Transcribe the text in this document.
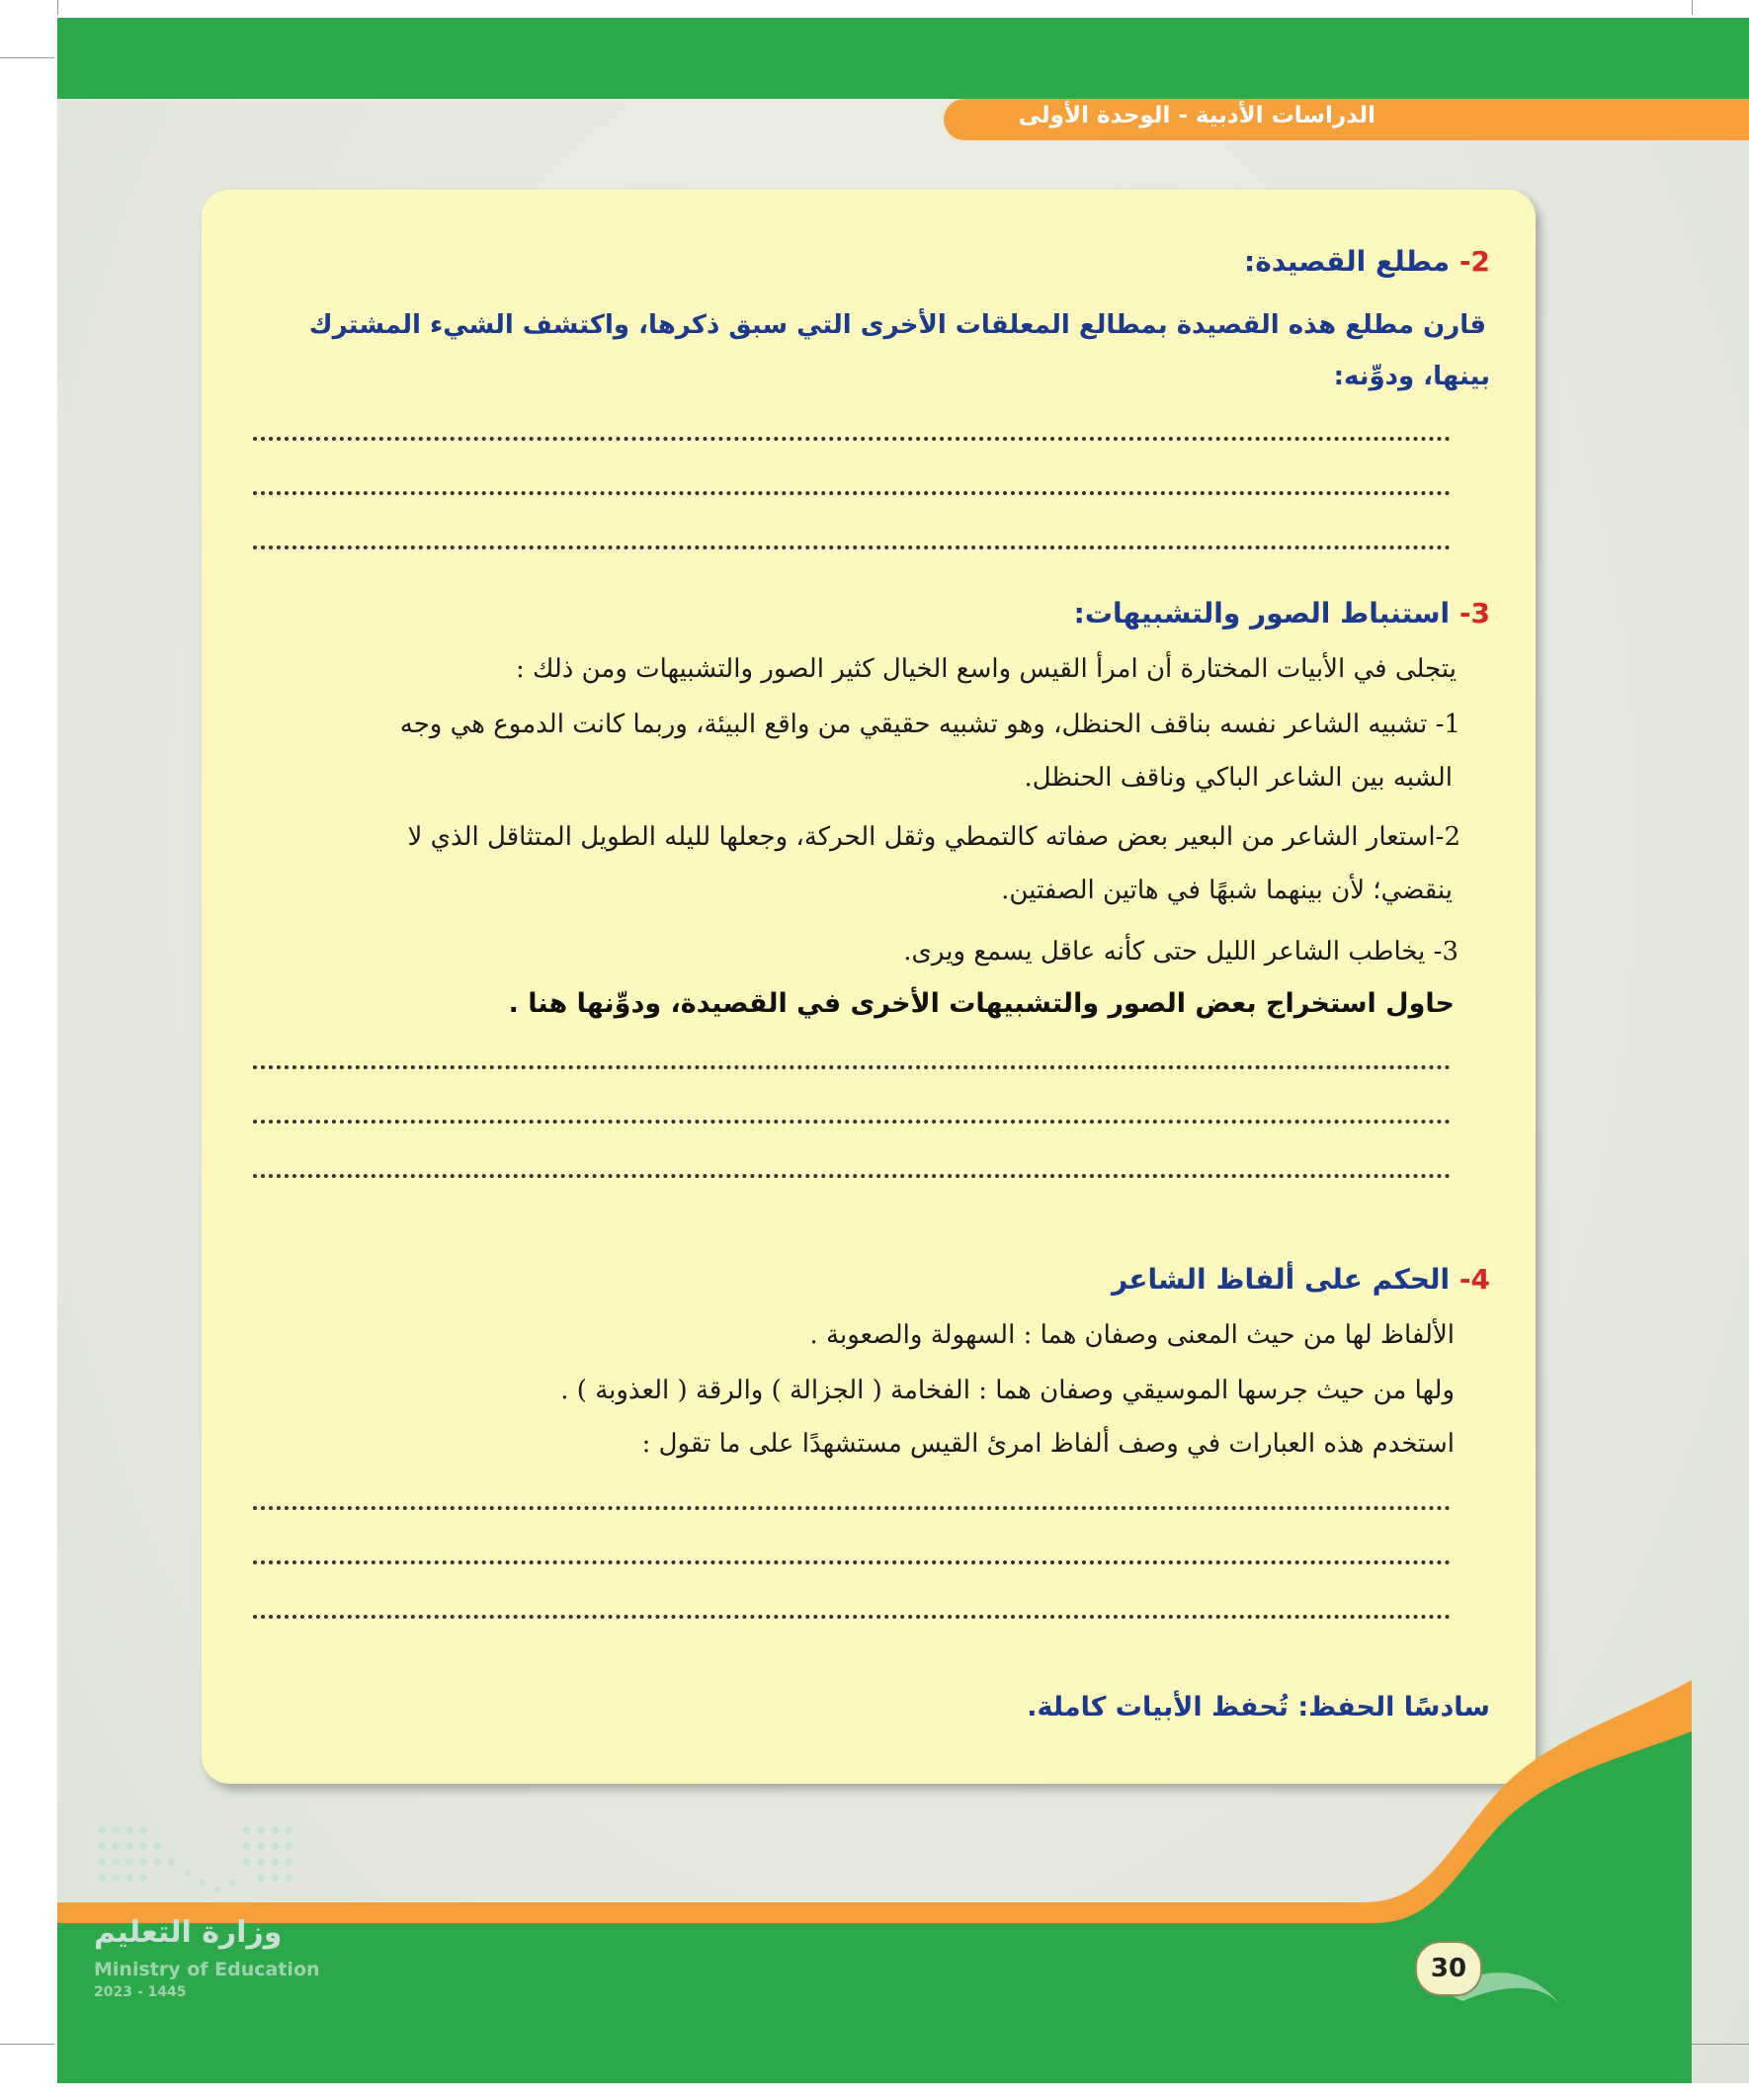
الدراسات الأدبية - الوحدة الأولى
2- مطلع القصيدة:
قارن مطلع هذه القصيدة بمطالع المعلقات الأخرى التي سبق ذكرها، واكتشف الشيء المشترك
بينها، ودوِّنه:
3- استنباط الصور والتشبيهات:
يتجلى في الأبيات المختارة أن امرأ القيس واسع الخيال كثير الصور والتشبيهات ومن ذلك :
1- تشبيه الشاعر نفسه بناقف الحنظل، وهو تشبيه حقيقي من واقع البيئة، وربما كانت الدموع هي وجه
الشبه بين الشاعر الباكي وناقف الحنظل.
2-استعار الشاعر من البعير بعض صفاته كالتمطي وثقل الحركة، وجعلها لليله الطويل المتثاقل الذي لا
ينقضي؛ لأن بينهما شبهًا في هاتين الصفتين.
3- يخاطب الشاعر الليل حتى كأنه عاقل يسمع ويرى.
حاول استخراج بعض الصور والتشبيهات الأخرى في القصيدة، ودوِّنها هنا .
4- الحكم على ألفاظ الشاعر
الألفاظ لها من حيث المعنى وصفان هما : السهولة والصعوبة .
ولها من حيث جرسها الموسيقي وصفان هما : الفخامة ( الجزالة ) والرقة ( العذوبة ) .
استخدم هذه العبارات في وصف ألفاظ امرئ القيس مستشهدًا على ما تقول :
سادسًا الحفظ: تُحفظ الأبيات كاملة.
وزارة التعليم
Ministry of Education
2023 - 1445
30
